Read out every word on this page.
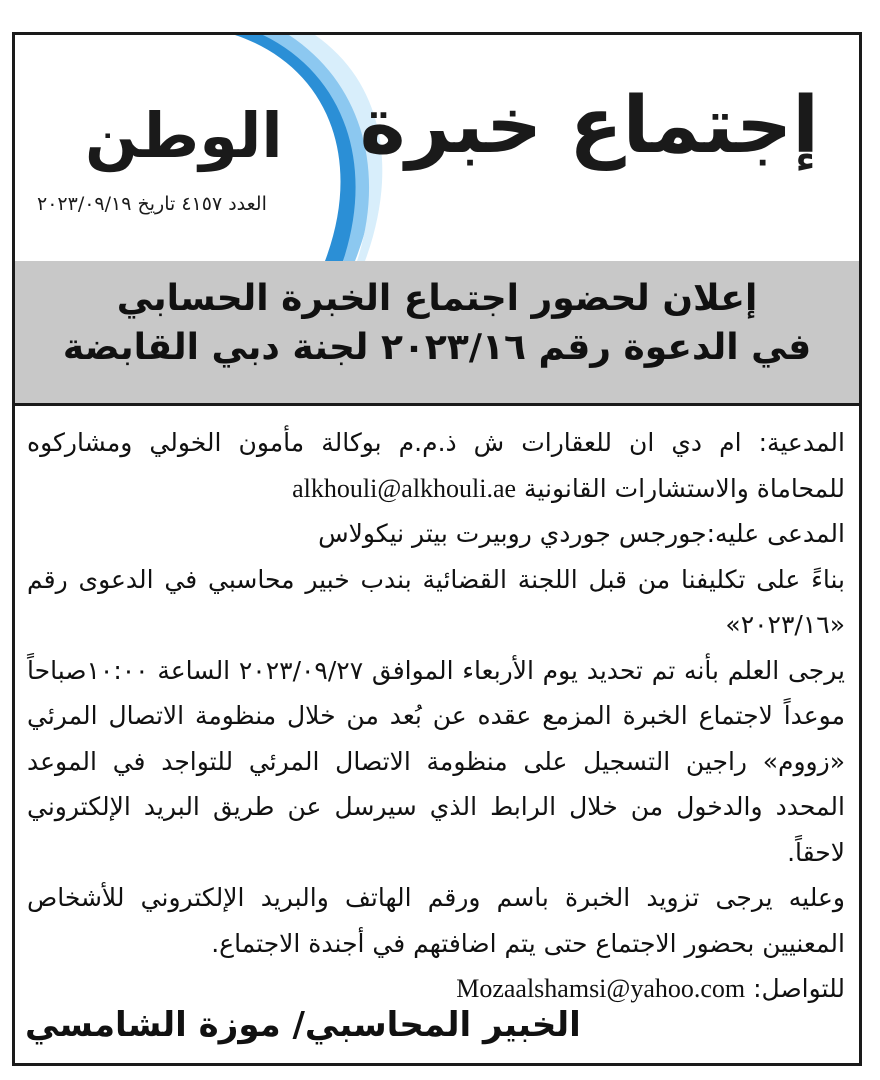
إجتماع خبرة
الوطن
العدد ٤١٥٧ تاريخ ٢٠٢٣/٠٩/١٩
إعلان لحضور اجتماع الخبرة الحسابي
في الدعوة رقم ٢٠٢٣/١٦ لجنة دبي القابضة

المدعية: ام دي ان للعقارات ش ذ.م.م بوكالة مأمون الخولي ومشاركوه للمحاماة والاستشارات القانونية alkhouli@alkhouli.ae

المدعى عليه:جورجس جوردي روبيرت بيتر نيكولاس

بناءً على تكليفنا من قبل اللجنة القضائية بندب خبير محاسبي في الدعوى رقم «٢٠٢٣/١٦»

يرجى العلم بأنه تم تحديد يوم الأربعاء الموافق ٢٠٢٣/٠٩/٢٧ الساعة ١٠:٠٠صباحاً موعداً لاجتماع الخبرة المزمع عقده عن بُعد من خلال منظومة الاتصال المرئي «زووم» راجين التسجيل على منظومة الاتصال المرئي للتواجد في الموعد المحدد والدخول من خلال الرابط الذي سيرسل عن طريق البريد الإلكتروني لاحقاً.

وعليه يرجى تزويد الخبرة باسم ورقم الهاتف والبريد الإلكتروني للأشخاص المعنيين بحضور الاجتماع حتى يتم اضافتهم في أجندة الاجتماع.

للتواصل: Mozaalshamsi@yahoo.com

الخبير المحاسبي/ موزة الشامسي
